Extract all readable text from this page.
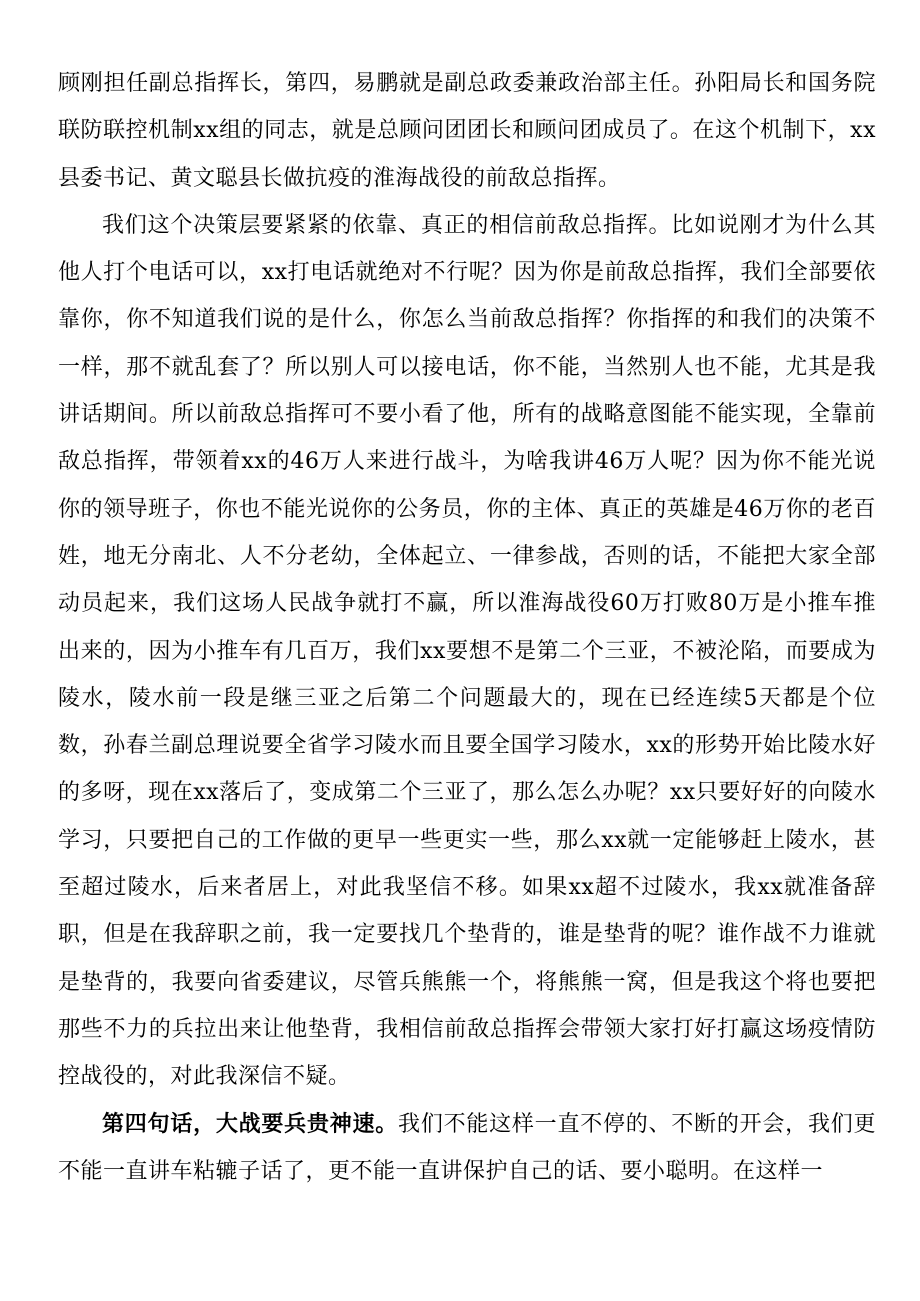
顾刚担任副总指挥长，第四，易鹏就是副总政委兼政治部主任。孙阳局长和国务院联防联控机制xx组的同志，就是总顾问团团长和顾问团成员了。在这个机制下，xx县委书记、黄文聪县长做抗疫的淮海战役的前敌总指挥。

我们这个决策层要紧紧的依靠、真正的相信前敌总指挥。比如说刚才为什么其他人打个电话可以，xx打电话就绝对不行呢？因为你是前敌总指挥，我们全部要依靠你，你不知道我们说的是什么，你怎么当前敌总指挥？你指挥的和我们的决策不一样，那不就乱套了？所以别人可以接电话，你不能，当然别人也不能，尤其是我讲话期间。所以前敌总指挥可不要小看了他，所有的战略意图能不能实现，全靠前敌总指挥，带领着xx的46万人来进行战斗，为啥我讲46万人呢？因为你不能光说你的领导班子，你也不能光说你的公务员，你的主体、真正的英雄是46万你的老百姓，地无分南北、人不分老幼，全体起立、一律参战，否则的话，不能把大家全部动员起来，我们这场人民战争就打不赢，所以淮海战役60万打败80万是小推车推出来的，因为小推车有几百万，我们xx要想不是第二个三亚，不被沦陷，而要成为陵水，陵水前一段是继三亚之后第二个问题最大的，现在已经连续5天都是个位数，孙春兰副总理说要全省学习陵水而且要全国学习陵水，xx的形势开始比陵水好的多呀，现在xx落后了，变成第二个三亚了，那么怎么办呢？xx只要好好的向陵水学习，只要把自己的工作做的更早一些更实一些，那么xx就一定能够赶上陵水，甚至超过陵水，后来者居上，对此我坚信不移。如果xx超不过陵水，我xx就准备辞职，但是在我辞职之前，我一定要找几个垫背的，谁是垫背的呢？谁作战不力谁就是垫背的，我要向省委建议，尽管兵熊熊一个，将熊熊一窝，但是我这个将也要把那些不力的兵拉出来让他垫背，我相信前敌总指挥会带领大家打好打赢这场疫情防控战役的，对此我深信不疑。

第四句话，大战要兵贵神速。我们不能这样一直不停的、不断的开会，我们更不能一直讲车粘辘子话了，更不能一直讲保护自己的话、要小聪明。在这样一
